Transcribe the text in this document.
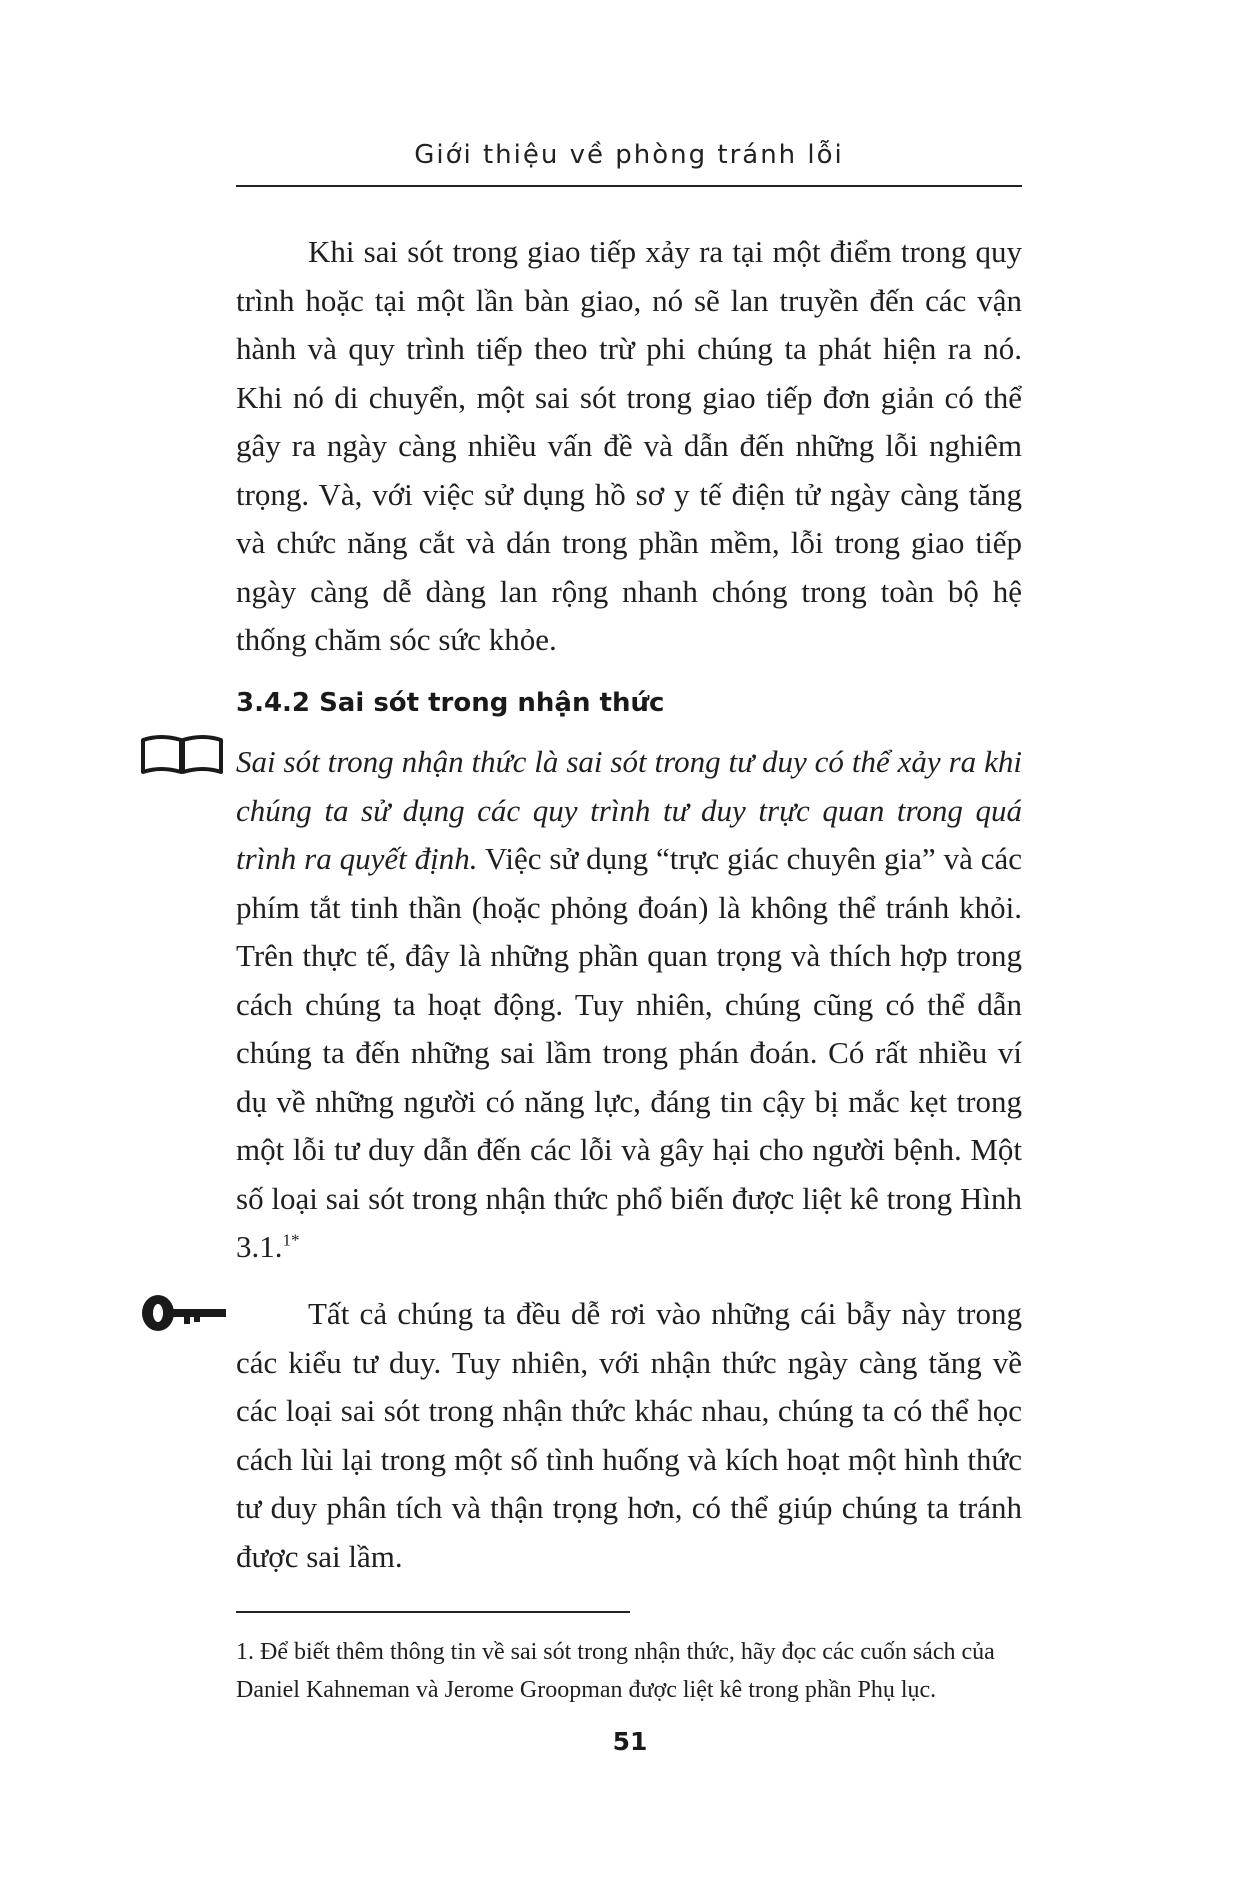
Giới thiệu về phòng tránh lỗi

Khi sai sót trong giao tiếp xảy ra tại một điểm trong quy trình hoặc tại một lần bàn giao, nó sẽ lan truyền đến các vận hành và quy trình tiếp theo trừ phi chúng ta phát hiện ra nó. Khi nó di chuyển, một sai sót trong giao tiếp đơn giản có thể gây ra ngày càng nhiều vấn đề và dẫn đến những lỗi nghiêm trọng. Và, với việc sử dụng hồ sơ y tế điện tử ngày càng tăng và chức năng cắt và dán trong phần mềm, lỗi trong giao tiếp ngày càng dễ dàng lan rộng nhanh chóng trong toàn bộ hệ thống chăm sóc sức khỏe.

3.4.2 Sai sót trong nhận thức

Sai sót trong nhận thức là sai sót trong tư duy có thể xảy ra khi chúng ta sử dụng các quy trình tư duy trực quan trong quá trình ra quyết định. Việc sử dụng “trực giác chuyên gia” và các phím tắt tinh thần (hoặc phỏng đoán) là không thể tránh khỏi. Trên thực tế, đây là những phần quan trọng và thích hợp trong cách chúng ta hoạt động. Tuy nhiên, chúng cũng có thể dẫn chúng ta đến những sai lầm trong phán đoán. Có rất nhiều ví dụ về những người có năng lực, đáng tin cậy bị mắc kẹt trong một lỗi tư duy dẫn đến các lỗi và gây hại cho người bệnh. Một số loại sai sót trong nhận thức phổ biến được liệt kê trong Hình 3.1.$^{1*}$

Tất cả chúng ta đều dễ rơi vào những cái bẫy này trong các kiểu tư duy. Tuy nhiên, với nhận thức ngày càng tăng về các loại sai sót trong nhận thức khác nhau, chúng ta có thể học cách lùi lại trong một số tình huống và kích hoạt một hình thức tư duy phân tích và thận trọng hơn, có thể giúp chúng ta tránh được sai lầm.

1. Để biết thêm thông tin về sai sót trong nhận thức, hãy đọc các cuốn sách của Daniel Kahneman và Jerome Groopman được liệt kê trong phần Phụ lục.
51
